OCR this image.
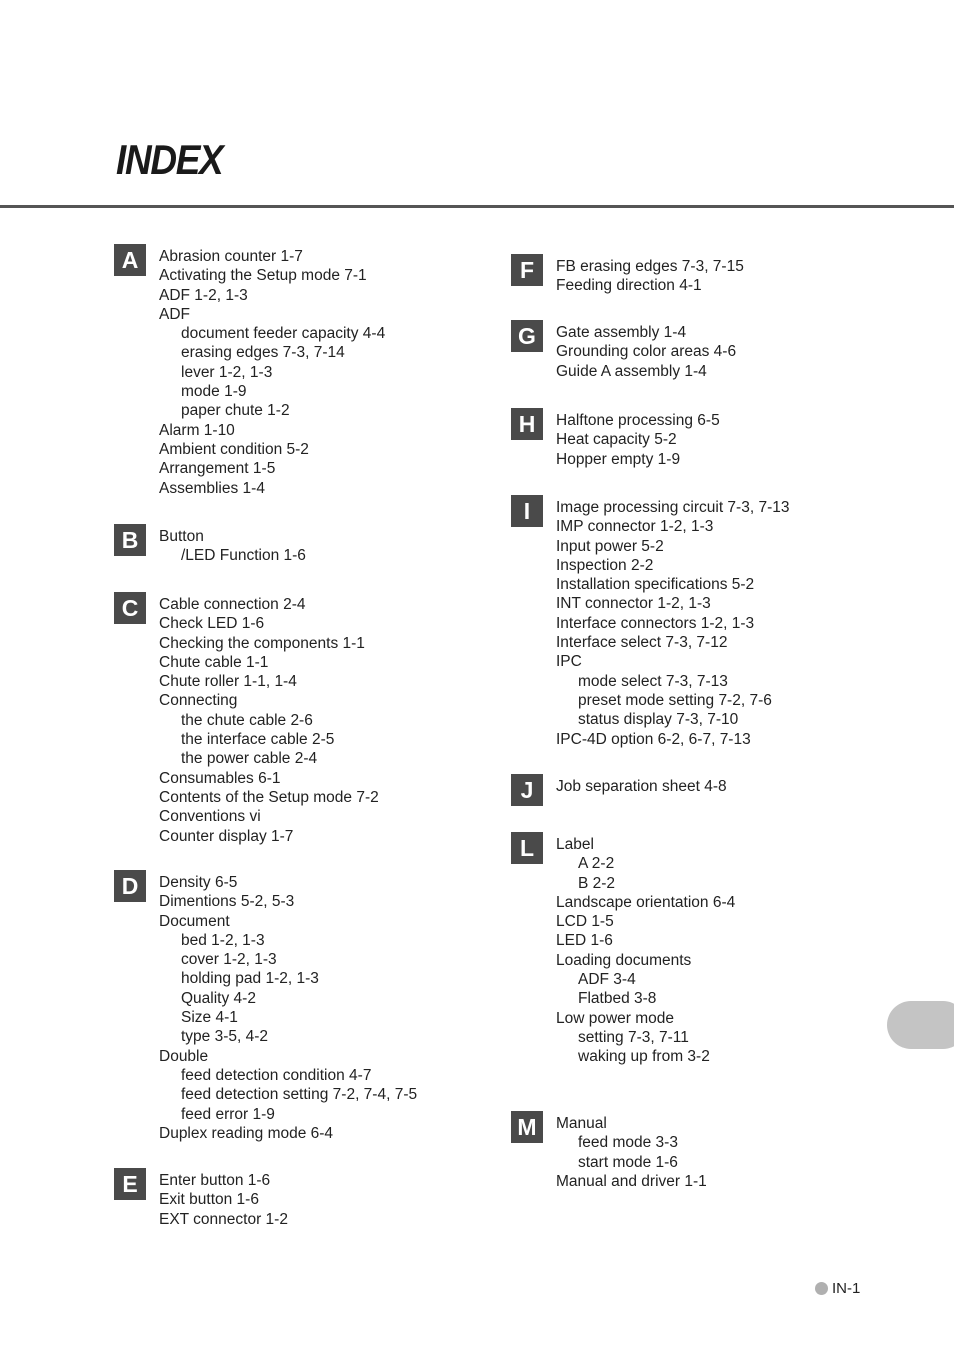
INDEX
A	Abrasion counter 1-7
Activating the Setup mode 7-1
ADF 1-2, 1-3
ADF
document feeder capacity 4-4
erasing edges 7-3, 7-14
lever 1-2, 1-3
mode 1-9
paper chute 1-2
Alarm 1-10
Ambient condition 5-2
Arrangement 1-5
Assemblies 1-4
B	Button
/LED Function 1-6
C	Cable connection 2-4
Check LED 1-6
Checking the components 1-1
Chute cable 1-1
Chute roller 1-1, 1-4
Connecting
the chute cable 2-6
the interface cable 2-5
the power cable 2-4
Consumables 6-1
Contents of the Setup mode 7-2
Conventions vi
Counter display 1-7
D	Density 6-5
Dimentions 5-2, 5-3
Document
bed 1-2, 1-3
cover 1-2, 1-3
holding pad 1-2, 1-3
Quality 4-2
Size 4-1
type 3-5, 4-2
Double
feed detection condition 4-7
feed detection setting 7-2, 7-4, 7-5
feed error 1-9
Duplex reading mode 6-4
E	Enter button 1-6
Exit button 1-6
EXT connector 1-2
F	FB erasing edges 7-3, 7-15
Feeding direction 4-1
G	Gate assembly 1-4
Grounding color areas 4-6
Guide A assembly 1-4
H	Halftone processing 6-5
Heat capacity 5-2
Hopper empty 1-9
I	Image processing circuit 7-3, 7-13
IMP connector 1-2, 1-3
Input power 5-2
Inspection 2-2
Installation specifications 5-2
INT connector 1-2, 1-3
Interface connectors 1-2, 1-3
Interface select 7-3, 7-12
IPC
mode select 7-3, 7-13
preset mode setting 7-2, 7-6
status display 7-3, 7-10
IPC-4D option 6-2, 6-7, 7-13
J	Job separation sheet 4-8
L	Label
A 2-2
B 2-2
Landscape orientation 6-4
LCD 1-5
LED 1-6
Loading documents
ADF 3-4
Flatbed 3-8
Low power mode
setting 7-3, 7-11
waking up from 3-2
M	Manual
feed mode 3-3
start mode 1-6
Manual and driver 1-1
IN-1
